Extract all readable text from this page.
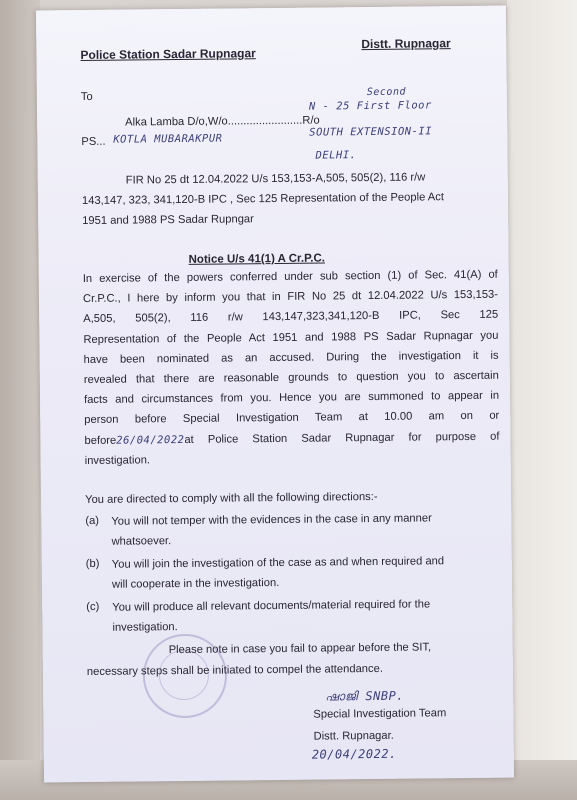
Police Station Sadar Rupnagar
Distt. Rupnagar
To
Alka Lamba D/o,W/o........................R/o
Second
N - 25 First Floor
SOUTH EXTENSION-II
DELHI.
PS... KOTLA MUBARAKPUR
FIR No 25 dt 12.04.2022 U/s 153,153-A,505, 505(2), 116 r/w
143,147, 323, 341,120-B IPC , Sec 125 Representation of the People Act
1951 and 1988 PS Sadar Rupngar
Notice U/s 41(1) A Cr.P.C.
In exercise of the powers conferred under sub section (1) of Sec. 41(A) of
Cr.P.C., I here by inform you that in FIR No 25 dt 12.04.2022 U/s 153,153-
A,505, 505(2), 116 r/w 143,147,323,341,120-B IPC, Sec 125
Representation of the People Act 1951 and 1988 PS Sadar Rupnagar you
have been nominated as an accused. During the investigation it is
revealed that there are reasonable grounds to question you to ascertain
facts and circumstances from you. Hence you are summoned to appear in
person before Special Investigation Team at 10.00 am on or
before26/04/2022at Police Station Sadar Rupnagar for purpose of
investigation.
You are directed to comply with all the following directions:-
(a) You will not temper with the evidences in the case in any manner
whatsoever.
(b) You will join the investigation of the case as and when required and
will cooperate in the investigation.
(c) You will produce all relevant documents/material required for the
investigation.
Please note in case you fail to appear before the SIT,
necessary steps shall be initiated to compel the attendance.
ഷാജി SNBP.
Special Investigation Team
Distt. Rupnagar.
20/04/2022.
